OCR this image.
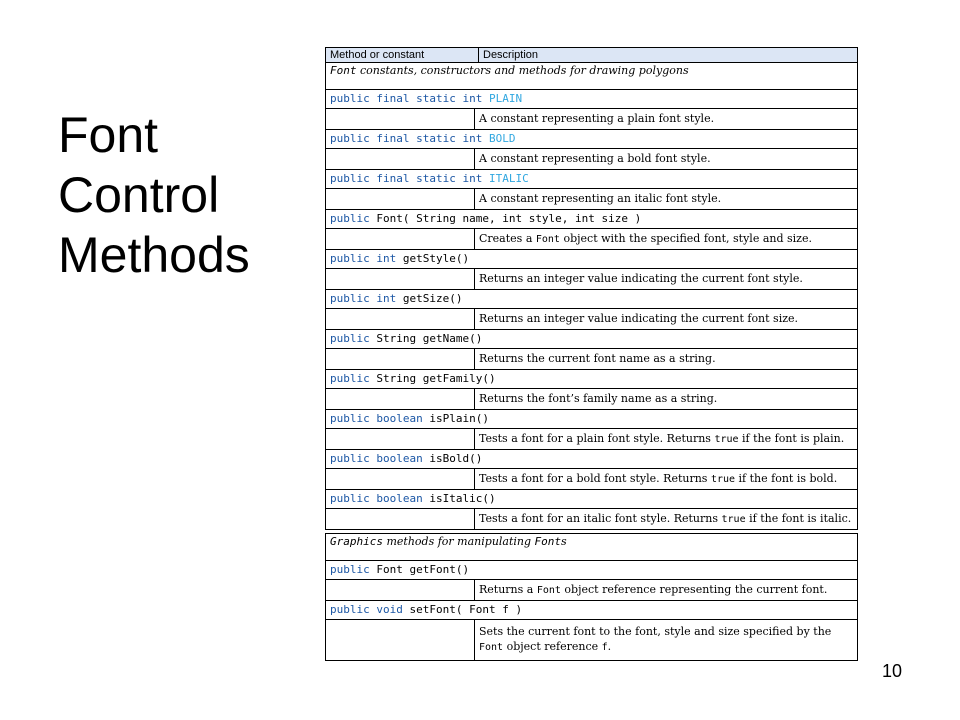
Font
Control
Methods
Method or constant	Description
Font constants, constructors and methods for drawing polygons
public final static int PLAIN
A constant representing a plain font style.
public final static int BOLD
A constant representing a bold font style.
public final static int ITALIC
A constant representing an italic font style.
public Font( String name, int style, int size )
Creates a Font object with the specified font, style and size.
public int getStyle()
Returns an integer value indicating the current font style.
public int getSize()
Returns an integer value indicating the current font size.
public String getName()
Returns the current font name as a string.
public String getFamily()
Returns the font’s family name as a string.
public boolean isPlain()
Tests a font for a plain font style. Returns true if the font is plain.
public boolean isBold()
Tests a font for a bold font style. Returns true if the font is bold.
public boolean isItalic()
Tests a font for an italic font style. Returns true if the font is italic.
Graphics methods for manipulating Fonts
public Font getFont()
Returns a Font object reference representing the current font.
public void setFont( Font f )
Sets the current font to the font, style and size specified by the Font object reference f.
10
